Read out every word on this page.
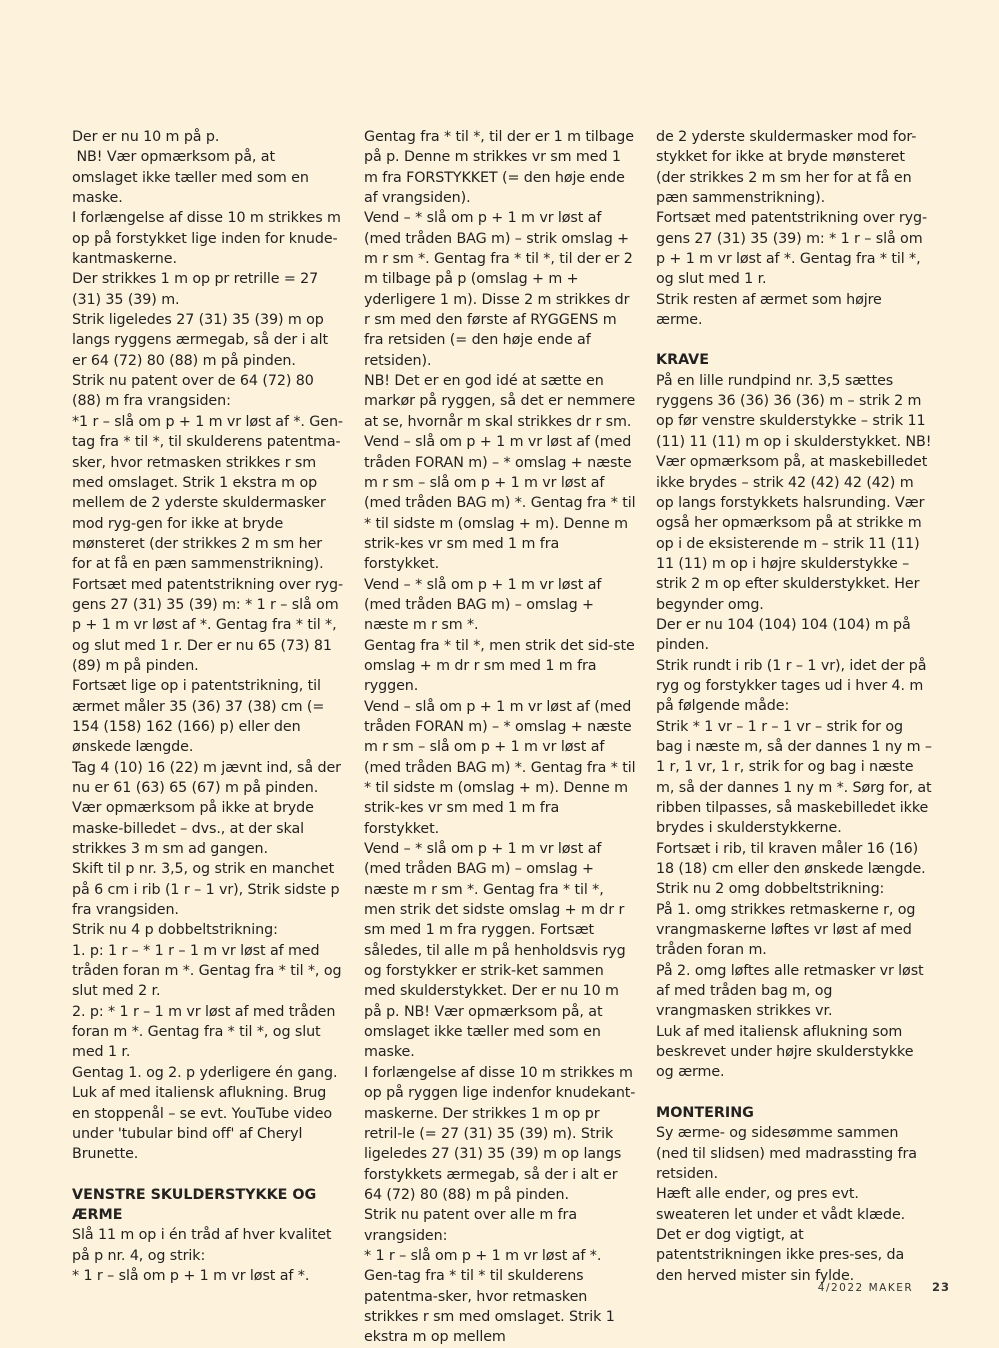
Der er nu 10 m på p.

NB! Vær opmærksom på, at omslaget ikke tæller med som en maske.

I forlængelse af disse 10 m strikkes m op på forstykket lige inden for knude-kantmaskerne.

Der strikkes 1 m op pr retrille = 27 (31) 35 (39) m.

Strik ligeledes 27 (31) 35 (39) m op langs ryggens ærmegab, så der i alt er 64 (72) 80 (88) m på pinden.

Strik nu patent over de 64 (72) 80 (88) m fra vrangsiden:

*1 r – slå om p + 1 m vr løst af *. Gen-tag fra * til *, til skulderens patentma-sker, hvor retmasken strikkes r sm med omslaget. Strik 1 ekstra m op mellem de 2 yderste skuldermasker mod ryg-gen for ikke at bryde mønsteret (der strikkes 2 m sm her for at få en pæn sammenstrikning).

Fortsæt med patentstrikning over ryg-gens 27 (31) 35 (39) m: * 1 r – slå om p + 1 m vr løst af *. Gentag fra * til *, og slut med 1 r. Der er nu 65 (73) 81 (89) m på pinden.

Fortsæt lige op i patentstrikning, til ærmet måler 35 (36) 37 (38) cm (= 154 (158) 162 (166) p) eller den ønskede længde.

Tag 4 (10) 16 (22) m jævnt ind, så der nu er 61 (63) 65 (67) m på pinden. Vær opmærksom på ikke at bryde maske-billedet – dvs., at der skal strikkes 3 m sm ad gangen.

Skift til p nr. 3,5, og strik en manchet på 6 cm i rib (1 r – 1 vr), Strik sidste p fra vrangsiden.

Strik nu 4 p dobbeltstrikning:

1. p: 1 r – * 1 r – 1 m vr løst af med tråden foran m *. Gentag fra * til *, og slut med 2 r.

2. p: * 1 r – 1 m vr løst af med tråden foran m *. Gentag fra * til *, og slut med 1 r.

Gentag 1. og 2. p yderligere én gang. Luk af med italiensk aflukning. Brug en stoppenål – se evt. YouTube video under 'tubular bind off' af Cheryl Brunette.

VENSTRE SKULDERSTYKKE OG ÆRME

Slå 11 m op i én tråd af hver kvalitet på p nr. 4, og strik:

* 1 r – slå om p + 1 m vr løst af *.

Gentag fra * til *, til der er 1 m tilbage på p. Denne m strikkes vr sm med 1 m fra FORSTYKKET (= den høje ende af vrangsiden).

Vend – * slå om p + 1 m vr løst af (med tråden BAG m) – strik omslag + m r sm *. Gentag fra * til *, til der er 2 m tilbage på p (omslag + m + yderligere 1 m). Disse 2 m strikkes dr r sm med den første af RYGGENS m fra retsiden (= den høje ende af retsiden).

NB! Det er en god idé at sætte en markør på ryggen, så det er nemmere at se, hvornår m skal strikkes dr r sm.

Vend – slå om p + 1 m vr løst af (med tråden FORAN m) – * omslag + næste m r sm – slå om p + 1 m vr løst af (med tråden BAG m) *. Gentag fra * til * til sidste m (omslag + m). Denne m strik-kes vr sm med 1 m fra forstykket.

Vend – * slå om p + 1 m vr løst af (med tråden BAG m) – omslag + næste m r sm *.

Gentag fra * til *, men strik det sid-ste omslag + m dr r sm med 1 m fra ryggen.

Vend – slå om p + 1 m vr løst af (med tråden FORAN m) – * omslag + næste m r sm – slå om p + 1 m vr løst af (med tråden BAG m) *. Gentag fra * til * til sidste m (omslag + m). Denne m strik-kes vr sm med 1 m fra forstykket.

Vend – * slå om p + 1 m vr løst af (med tråden BAG m) – omslag + næste m r sm *. Gentag fra * til *, men strik det sidste omslag + m dr r sm med 1 m fra ryggen. Fortsæt således, til alle m på henholdsvis ryg og forstykker er strik-ket sammen med skulderstykket. Der er nu 10 m på p. NB! Vær opmærksom på, at omslaget ikke tæller med som en maske.

I forlængelse af disse 10 m strikkes m op på ryggen lige indenfor knudekant-maskerne. Der strikkes 1 m op pr retril-le (= 27 (31) 35 (39) m). Strik ligeledes 27 (31) 35 (39) m op langs forstykkets ærmegab, så der i alt er 64 (72) 80 (88) m på pinden.

Strik nu patent over alle m fra vrangsiden:

* 1 r – slå om p + 1 m vr løst af *. Gen-tag fra * til * til skulderens patentma-sker, hvor retmasken strikkes r sm med omslaget. Strik 1 ekstra m op mellem

de 2 yderste skuldermasker mod for-stykket for ikke at bryde mønsteret (der strikkes 2 m sm her for at få en pæn sammenstrikning).

Fortsæt med patentstrikning over ryg-gens 27 (31) 35 (39) m: * 1 r – slå om p + 1 m vr løst af *. Gentag fra * til *, og slut med 1 r.

Strik resten af ærmet som højre ærme.

KRAVE

På en lille rundpind nr. 3,5 sættes ryggens 36 (36) 36 (36) m – strik 2 m op før venstre skulderstykke – strik 11 (11) 11 (11) m op i skulderstykket. NB! Vær opmærksom på, at maskebilledet ikke brydes – strik 42 (42) 42 (42) m op langs forstykkets halsrunding. Vær også her opmærksom på at strikke m op i de eksisterende m – strik 11 (11) 11 (11) m op i højre skulderstykke – strik 2 m op efter skulderstykket. Her begynder omg.

Der er nu 104 (104) 104 (104) m på pinden.

Strik rundt i rib (1 r – 1 vr), idet der på ryg og forstykker tages ud i hver 4. m på følgende måde:

Strik * 1 vr – 1 r – 1 vr – strik for og bag i næste m, så der dannes 1 ny m – 1 r, 1 vr, 1 r, strik for og bag i næste m, så der dannes 1 ny m *. Sørg for, at ribben tilpasses, så maskebilledet ikke brydes i skulderstykkerne.

Fortsæt i rib, til kraven måler 16 (16) 18 (18) cm eller den ønskede længde.

Strik nu 2 omg dobbeltstrikning:

På 1. omg strikkes retmaskerne r, og vrangmaskerne løftes vr løst af med tråden foran m.

På 2. omg løftes alle retmasker vr løst af med tråden bag m, og vrangmasken strikkes vr.

Luk af med italiensk aflukning som beskrevet under højre skulderstykke og ærme.

MONTERING

Sy ærme- og sidesømme sammen (ned til slidsen) med madrassting fra retsiden.

Hæft alle ender, og pres evt. sweateren let under et vådt klæde. Det er dog vigtigt, at patentstrikningen ikke pres-ses, da den herved mister sin fylde.

4/2022 MAKER 23
